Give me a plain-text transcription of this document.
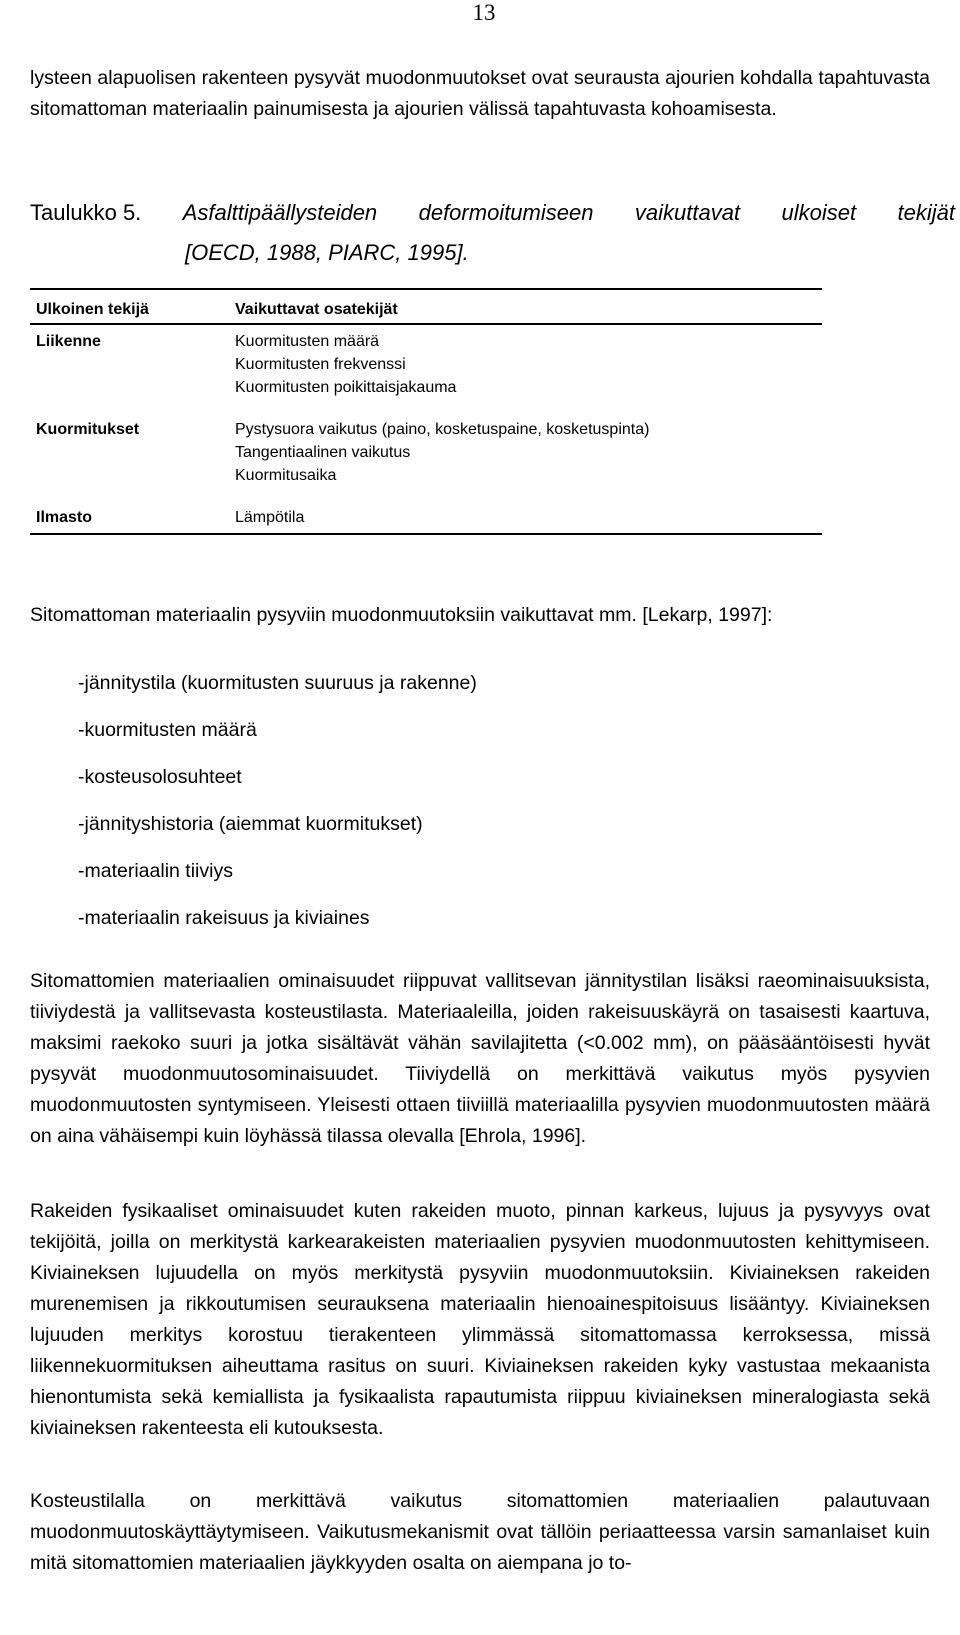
13

lysteen alapuolisen rakenteen pysyvät muodonmuutokset ovat seurausta ajourien kohdalla tapahtuvasta sitomattoman materiaalin painumisesta ja ajourien välissä tapahtuvasta kohoamisesta.

Taulukko 5. Asfalttipäällysteiden deformoitumiseen vaikuttavat ulkoiset tekijät
[OECD, 1988, PIARC, 1995].
Ulkoinen tekijä	Vaikuttavat osatekijät
Liikenne	Kuormitusten määrä
Kuormitusten frekvenssi
Kuormitusten poikittaisjakauma
Kuormitukset	Pystysuora vaikutus (paino, kosketuspaine, kosketuspinta)
Tangentiaalinen vaikutus
Kuormitusaika
Ilmasto	Lämpötila

Sitomattoman materiaalin pysyviin muodonmuutoksiin vaikuttavat mm. [Lekarp, 1997]:

-jännitystila (kuormitusten suuruus ja rakenne)
-kuormitusten määrä
-kosteusolosuhteet
-jännityshistoria (aiemmat kuormitukset)
-materiaalin tiiviys
-materiaalin rakeisuus ja kiviaines

Sitomattomien materiaalien ominaisuudet riippuvat vallitsevan jännitystilan lisäksi raeominaisuuksista, tiiviydestä ja vallitsevasta kosteustilasta. Materiaaleilla, joiden rakeisuuskäyrä on tasaisesti kaartuva, maksimi raekoko suuri ja jotka sisältävät vähän savilajitetta (<0.002 mm), on pääsääntöisesti hyvät pysyvät muodonmuutosominaisuudet. Tiiviydellä on merkittävä vaikutus myös pysyvien muodonmuutosten syntymiseen. Yleisesti ottaen tiiviillä materiaalilla pysyvien muodonmuutosten määrä on aina vähäisempi kuin löyhässä tilassa olevalla [Ehrola, 1996].

Rakeiden fysikaaliset ominaisuudet kuten rakeiden muoto, pinnan karkeus, lujuus ja pysyvyys ovat tekijöitä, joilla on merkitystä karkearakeisten materiaalien pysyvien muodonmuutosten kehittymiseen. Kiviaineksen lujuudella on myös merkitystä pysyviin muodonmuutoksiin. Kiviaineksen rakeiden murenemisen ja rikkoutumisen seurauksena materiaalin hienoainespitoisuus lisääntyy. Kiviaineksen lujuuden merkitys korostuu tierakenteen ylimmässä sitomattomassa kerroksessa, missä liikennekuormituksen aiheuttama rasitus on suuri. Kiviaineksen rakeiden kyky vastustaa mekaanista hienontumista sekä kemiallista ja fysikaalista rapautumista riippuu kiviaineksen mineralogiasta sekä kiviaineksen rakenteesta eli kutouksesta.

Kosteustilalla on merkittävä vaikutus sitomattomien materiaalien palautuvaan muodonmuutoskäyttäytymiseen. Vaikutusmekanismit ovat tällöin periaatteessa varsin samanlaiset kuin mitä sitomattomien materiaalien jäykkyyden osalta on aiempana jo to-
